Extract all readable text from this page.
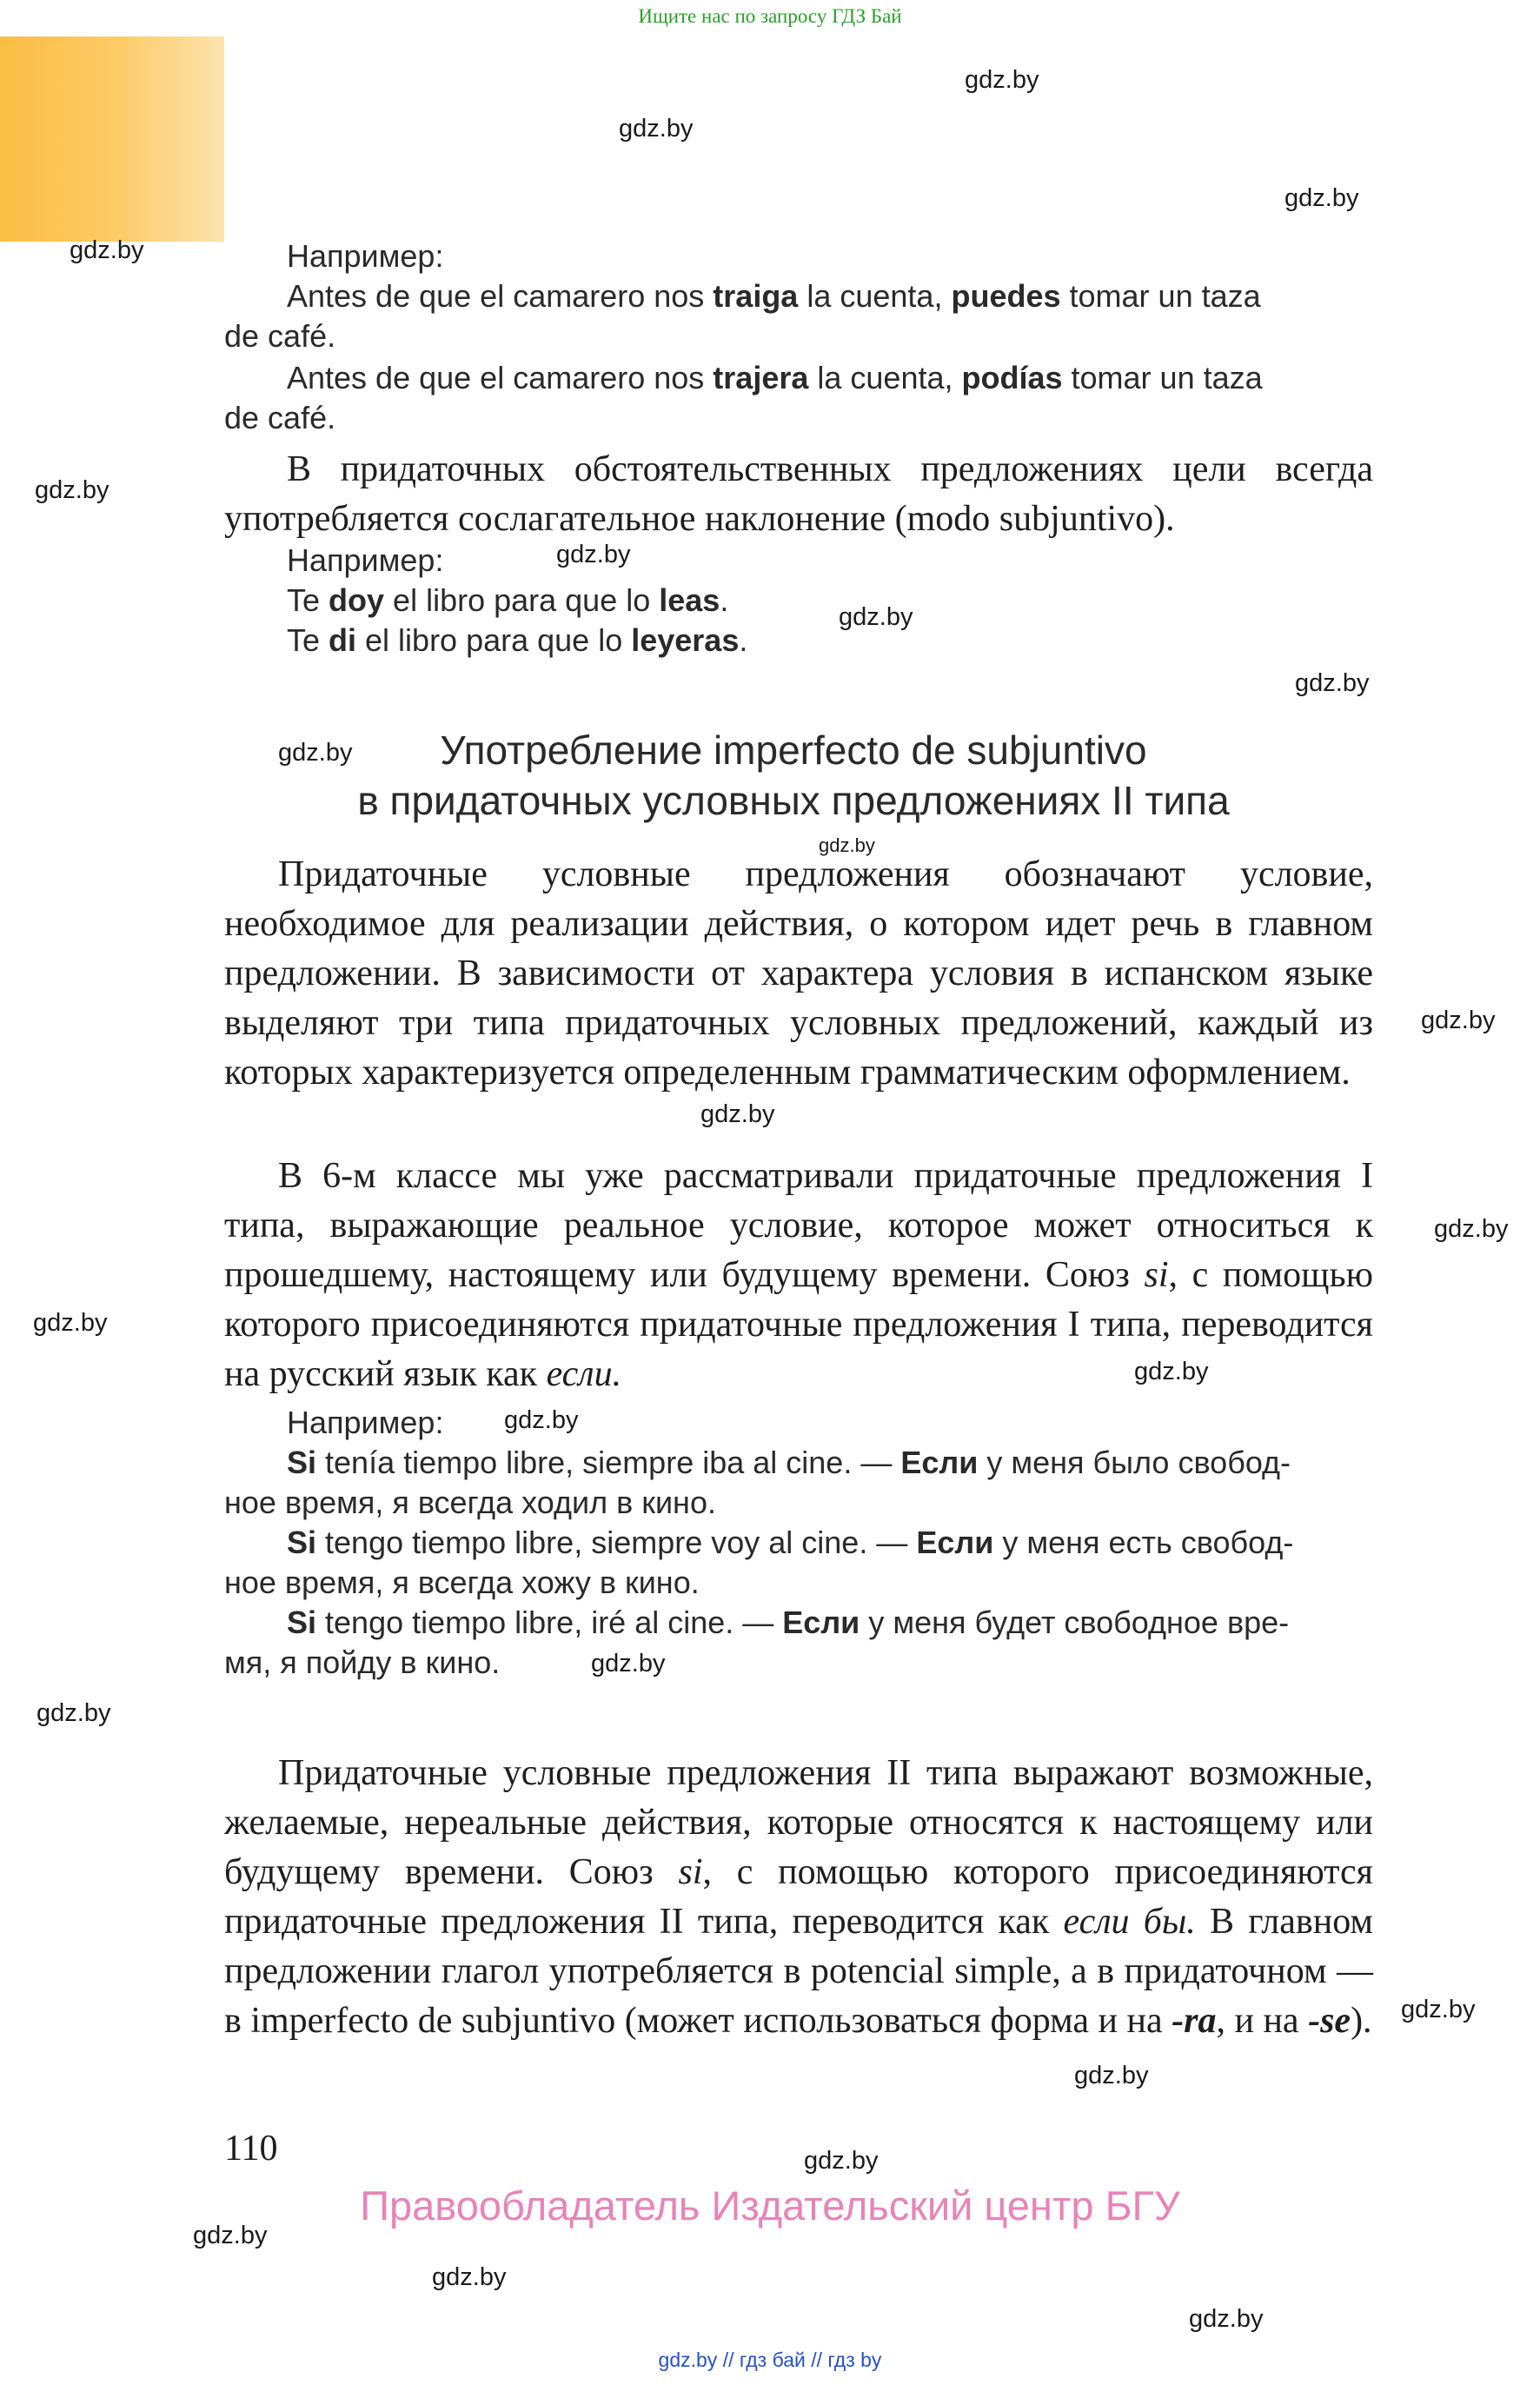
Ищите нас по запросу ГДЗ Бай
gdz.by
gdz.by
gdz.by
gdz.by
gdz.by
gdz.by
gdz.by
gdz.by
gdz.by
gdz.by
gdz.by
gdz.by
gdz.by
gdz.by
gdz.by
gdz.by
gdz.by
gdz.by
gdz.by
gdz.by
gdz.by
gdz.by
gdz.by
gdz.by
Например:
Antes de que el camarero nos traiga la cuenta, puedes tomar un taza
de café.
Antes de que el camarero nos trajera la cuenta, podías tomar un taza
de café.
В придаточных обстоятельственных предложениях цели всегда употребляется сослагательное наклонение (modo subjuntivo).
Например:
Te doy el libro para que lo leas.
Te di el libro para que lo leyeras.
Употребление imperfecto de subjuntivo
в придаточных условных предложениях II типа
Придаточные условные предложения обозначают условие, необходимое для реализации действия, о котором идет речь в главном предложении. В зависимости от характера условия в испанском языке выделяют три типа придаточных условных предложений, каждый из которых характеризуется определенным грамматическим оформлением.
В 6-м классе мы уже рассматривали придаточные предложения I типа, выражающие реальное условие, которое может относиться к прошедшему, настоящему или будущему времени. Союз si, с помощью которого присоединяются придаточные предложения I типа, переводится на русский язык как если.
Например:
Si tenía tiempo libre, siempre iba al cine. — Если у меня было свобод-
ное время, я всегда ходил в кино.
Si tengo tiempo libre, siempre voy al cine. — Если у меня есть свобод-
ное время, я всегда хожу в кино.
Si tengo tiempo libre, iré al cine. — Если у меня будет свободное вре-
мя, я пойду в кино.
Придаточные условные предложения II типа выражают возможные, желаемые, нереальные действия, которые относятся к настоящему или будущему времени. Союз si, с помощью которого присоединяются придаточные предложения II типа, переводится как если бы. В главном предложении глагол употребляется в potencial simple, а в придаточном — в imperfecto de subjuntivo (может использоваться форма и на -ra, и на -se).
110
Правообладатель Издательский центр БГУ
gdz.by // гдз бай // гдз by
